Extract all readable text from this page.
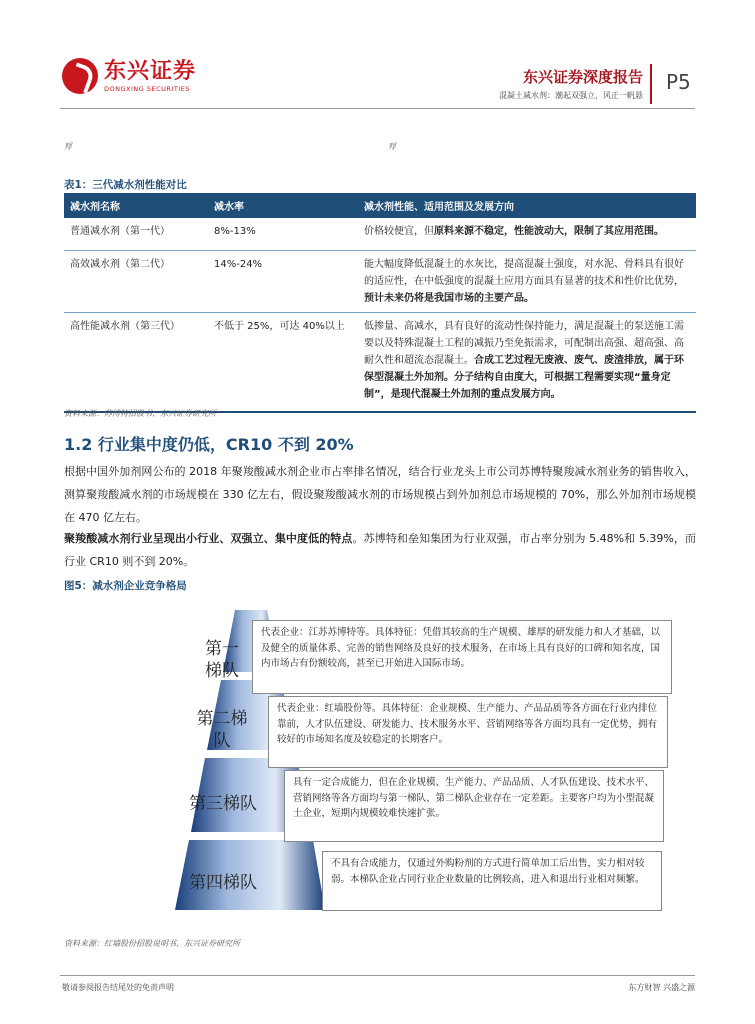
东兴证券
DONGXING SECURITIES
东兴证券深度报告
混凝土减水剂：潮起双强立，风正一帆悬
P5
殍	殍
表1：三代减水剂性能对比
减水剂名称	减水率	减水剂性能、适用范围及发展方向
普通减水剂（第一代）	8%-13%	价格较便宜，但原料来源不稳定，性能波动大，限制了其应用范围。
高效减水剂（第二代）	14%-24%	能大幅度降低混凝土的水灰比，提高混凝土强度，对水泥、骨料具有很好的适应性，在中低强度的混凝土应用方面具有显著的技术和性价比优势，预计未来仍将是我国市场的主要产品。
高性能减水剂（第三代）	不低于 25%，可达 40%以上	低掺量、高减水，具有良好的流动性保持能力，满足混凝土的泵送施工需要以及特殊混凝土工程的减振乃至免振需求，可配制出高强、超高强、高耐久性和超流态混凝土。合成工艺过程无废液、废气、废渣排放，属于环保型混凝土外加剂。分子结构自由度大，可根据工程需要实现“量身定制”，是现代混凝土外加剂的重点发展方向。
资料来源：苏博特招股书、东兴证券研究所
1.2 行业集中度仍低，CR10 不到 20%
根据中国外加剂网公布的 2018 年聚羧酸减水剂企业市占率排名情况，结合行业龙头上市公司苏博特聚羧减水剂业务的销售收入，测算聚羧酸减水剂的市场规模在 330 亿左右，假设聚羧酸减水剂的市场规模占到外加剂总市场规模的 70%，那么外加剂市场规模在 470 亿左右。
聚羧酸减水剂行业呈现出小行业、双强立、集中度低的特点。苏博特和垒知集团为行业双强，市占率分别为 5.48%和 5.39%，而行业 CR10 则不到 20%。
图5：减水剂企业竞争格局
第一梯队
第二梯队
第三梯队
第四梯队
代表企业：江苏苏博特等。具体特征：凭借其较高的生产规模、雄厚的研发能力和人才基础，以及健全的质量体系、完善的销售网络及良好的技术服务，在市场上具有良好的口碑和知名度，国内市场占有份额较高，甚至已开始进入国际市场。
代表企业：红墙股份等。具体特征：企业规模、生产能力、产品品质等各方面在行业内排位靠前，人才队伍建设、研发能力、技术服务水平、营销网络等各方面均具有一定优势，拥有较好的市场知名度及较稳定的长期客户。
具有一定合成能力，但在企业规模、生产能力、产品品质、人才队伍建设、技术水平、营销网络等各方面均与第一梯队、第二梯队企业存在一定差距。主要客户均为小型混凝土企业，短期内规模较难快速扩张。
不具有合成能力，仅通过外购粉剂的方式进行简单加工后出售，实力相对较弱。本梯队企业占同行业企业数量的比例较高，进入和退出行业相对频繁。
资料来源：红墙股份招股说明书、东兴证券研究所
敬请参阅报告结尾处的免责声明	东方财智 兴盛之源
